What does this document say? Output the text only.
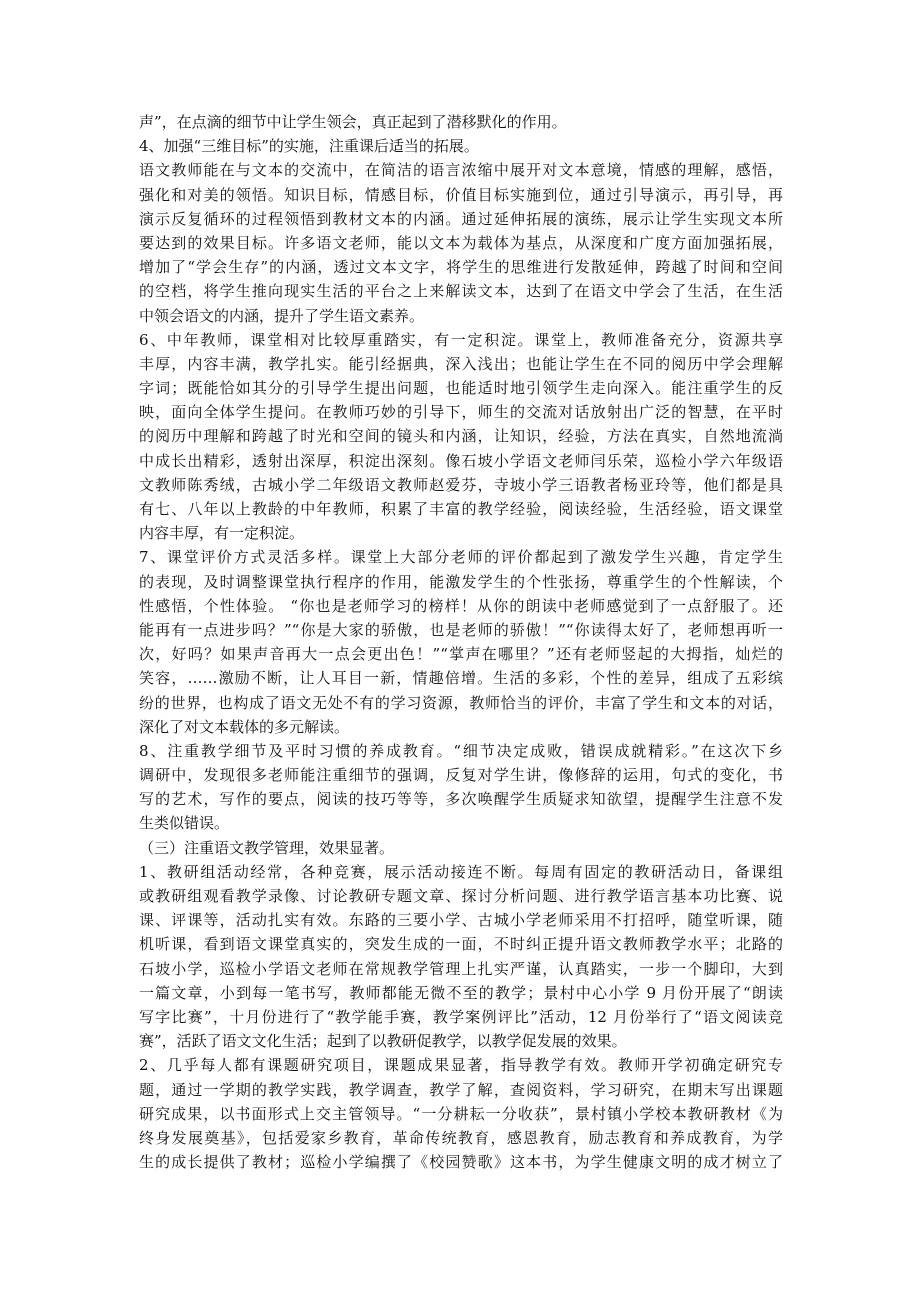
声”，在点滴的细节中让学生领会，真正起到了潜移默化的作用。
4、加强“三维目标”的实施，注重课后适当的拓展。
语文教师能在与文本的交流中，在简洁的语言浓缩中展开对文本意境，情感的理解，感悟，
强化和对美的领悟。知识目标，情感目标，价值目标实施到位，通过引导演示，再引导，再
演示反复循环的过程领悟到教材文本的内涵。通过延伸拓展的演练，展示让学生实现文本所
要达到的效果目标。许多语文老师，能以文本为载体为基点，从深度和广度方面加强拓展，
增加了“学会生存”的内涵，透过文本文字，将学生的思维进行发散延伸，跨越了时间和空间
的空档，将学生推向现实生活的平台之上来解读文本，达到了在语文中学会了生活，在生活
中领会语文的内涵，提升了学生语文素养。
6、中年教师，课堂相对比较厚重踏实，有一定积淀。课堂上，教师准备充分，资源共享
丰厚，内容丰满，教学扎实。能引经据典，深入浅出；也能让学生在不同的阅历中学会理解
字词；既能恰如其分的引导学生提出问题，也能适时地引领学生走向深入。能注重学生的反
映，面向全体学生提问。在教师巧妙的引导下，师生的交流对话放射出广泛的智慧，在平时
的阅历中理解和跨越了时光和空间的镜头和内涵，让知识，经验，方法在真实，自然地流淌
中成长出精彩，透射出深厚，积淀出深刻。像石坡小学语文老师闫乐荣，巡检小学六年级语
文教师陈秀绒，古城小学二年级语文教师赵爱芬，寺坡小学三语教者杨亚玲等，他们都是具
有七、八年以上教龄的中年教师，积累了丰富的教学经验，阅读经验，生活经验，语文课堂
内容丰厚，有一定积淀。
7、课堂评价方式灵活多样。课堂上大部分老师的评价都起到了激发学生兴趣，肯定学生
的表现，及时调整课堂执行程序的作用，能激发学生的个性张扬，尊重学生的个性解读，个
性感悟，个性体验。 “你也是老师学习的榜样！从你的朗读中老师感觉到了一点舒服了。还
能再有一点进步吗？”“你是大家的骄傲，也是老师的骄傲！”“你读得太好了，老师想再听一
次，好吗？如果声音再大一点会更出色！”“掌声在哪里？”还有老师竖起的大拇指，灿烂的
笑容，……激励不断，让人耳目一新，情趣倍增。生活的多彩，个性的差异，组成了五彩缤
纷的世界，也构成了语文无处不有的学习资源，教师恰当的评价，丰富了学生和文本的对话，
深化了对文本载体的多元解读。
8、注重教学细节及平时习惯的养成教育。“细节决定成败，错误成就精彩。”在这次下乡
调研中，发现很多老师能注重细节的强调，反复对学生讲，像修辞的运用，句式的变化，书
写的艺术，写作的要点，阅读的技巧等等，多次唤醒学生质疑求知欲望，提醒学生注意不发
生类似错误。
（三）注重语文教学管理，效果显著。
1、教研组活动经常，各种竞赛，展示活动接连不断。每周有固定的教研活动日，备课组
或教研组观看教学录像、讨论教研专题文章、探讨分析问题、进行教学语言基本功比赛、说
课、评课等，活动扎实有效。东路的三要小学、古城小学老师采用不打招呼，随堂听课，随
机听课，看到语文课堂真实的，突发生成的一面，不时纠正提升语文教师教学水平；北路的
石坡小学，巡检小学语文老师在常规教学管理上扎实严谨，认真踏实，一步一个脚印，大到
一篇文章，小到每一笔书写，教师都能无微不至的教学；景村中心小学 9 月份开展了“朗读
写字比赛”，十月份进行了“教学能手赛，教学案例评比”活动，12 月份举行了“语文阅读竞
赛”，活跃了语文文化生活；起到了以教研促教学，以教学促发展的效果。
2、几乎每人都有课题研究项目，课题成果显著，指导教学有效。教师开学初确定研究专
题，通过一学期的教学实践，教学调查，教学了解，查阅资料，学习研究，在期末写出课题
研究成果，以书面形式上交主管领导。“一分耕耘一分收获”，景村镇小学校本教研教材《为
终身发展奠基》，包括爱家乡教育，革命传统教育，感恩教育，励志教育和养成教育，为学
生的成长提供了教材；巡检小学编撰了《校园赞歌》这本书，为学生健康文明的成才树立了
